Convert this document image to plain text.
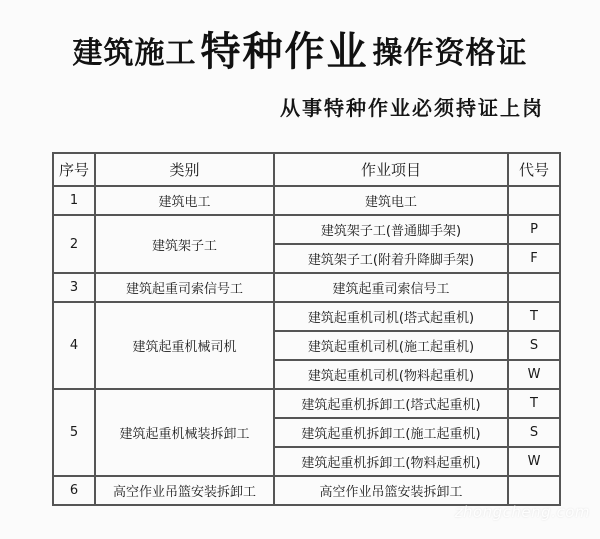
建筑施工 特种作业 操作资格证
从事特种作业必须持证上岗
序号	类别	作业项目	代号
1	建筑电工	建筑电工	
2	建筑架子工	建筑架子工(普通脚手架)	P
		建筑架子工(附着升降脚手架)	F
3	建筑起重司索信号工	建筑起重司索信号工	
4	建筑起重机械司机	建筑起重机司机(塔式起重机)	T
		建筑起重机司机(施工起重机)	S
		建筑起重机司机(物料起重机)	W
5	建筑起重机械装拆卸工	建筑起重机拆卸工(塔式起重机)	T
		建筑起重机拆卸工(施工起重机)	S
		建筑起重机拆卸工(物料起重机)	W
6	高空作业吊篮安装拆卸工	高空作业吊篮安装拆卸工	
zhongcheng.com
